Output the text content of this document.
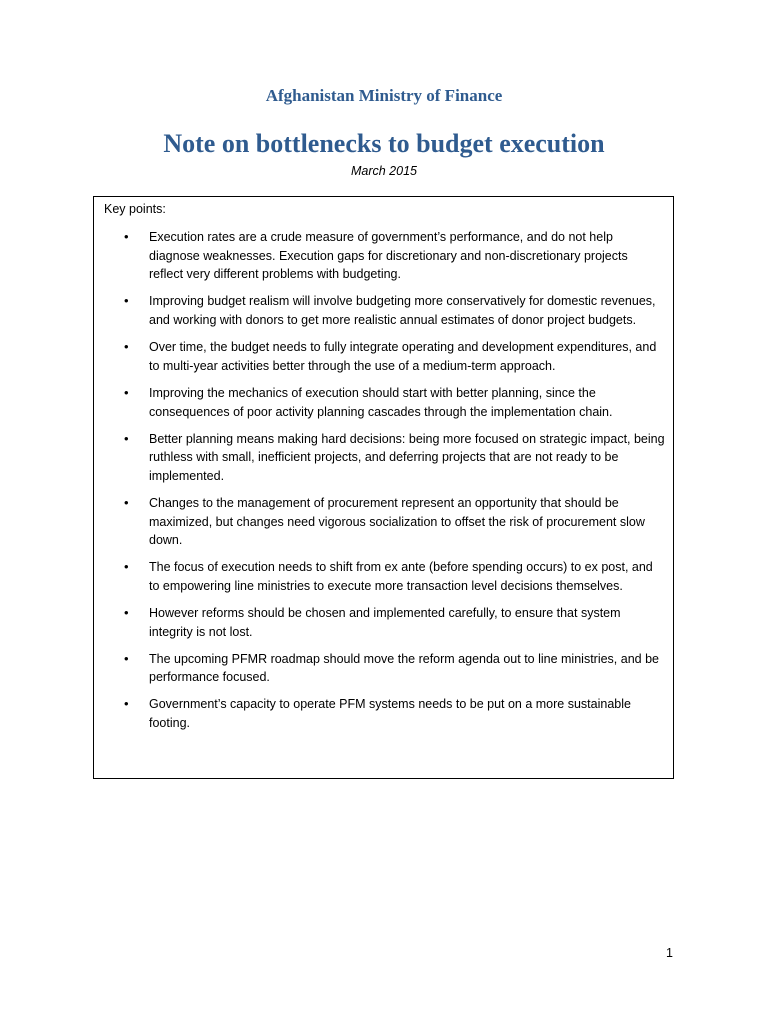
Afghanistan Ministry of Finance
Note on bottlenecks to budget execution

March 2015

Key points:
• Execution rates are a crude measure of government’s performance, and do not help diagnose weaknesses. Execution gaps for discretionary and non-discretionary projects reflect very different problems with budgeting.
• Improving budget realism will involve budgeting more conservatively for domestic revenues, and working with donors to get more realistic annual estimates of donor project budgets.
• Over time, the budget needs to fully integrate operating and development expenditures, and to multi-year activities better through the use of a medium-term approach.
• Improving the mechanics of execution should start with better planning, since the consequences of poor activity planning cascades through the implementation chain.
• Better planning means making hard decisions: being more focused on strategic impact, being ruthless with small, inefficient projects, and deferring projects that are not ready to be implemented.
• Changes to the management of procurement represent an opportunity that should be maximized, but changes need vigorous socialization to offset the risk of procurement slow down.
• The focus of execution needs to shift from ex ante (before spending occurs) to ex post, and to empowering line ministries to execute more transaction level decisions themselves.
• However reforms should be chosen and implemented carefully, to ensure that system integrity is not lost.
• The upcoming PFMR roadmap should move the reform agenda out to line ministries, and be performance focused.
• Government’s capacity to operate PFM systems needs to be put on a more sustainable footing.
1
